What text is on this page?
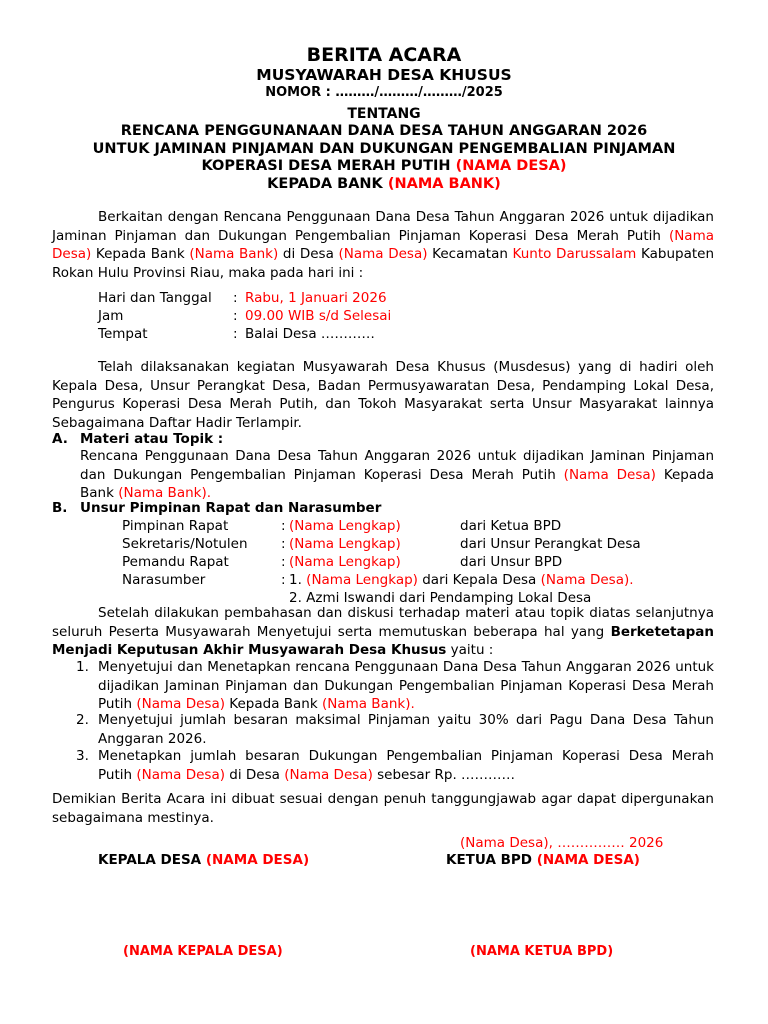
BERITA ACARA
MUSYAWARAH DESA KHUSUS
NOMOR : ………/………/………/2025
TENTANG
RENCANA PENGGUNANAAN DANA DESA TAHUN ANGGARAN 2026
UNTUK JAMINAN PINJAMAN DAN DUKUNGAN PENGEMBALIAN PINJAMAN
KOPERASI DESA MERAH PUTIH (NAMA DESA)
KEPADA BANK (NAMA BANK)
Berkaitan dengan Rencana Penggunaan Dana Desa Tahun Anggaran 2026 untuk dijadikan Jaminan Pinjaman dan Dukungan Pengembalian Pinjaman Koperasi Desa Merah Putih (Nama Desa) Kepada Bank (Nama Bank) di Desa (Nama Desa) Kecamatan Kunto Darussalam Kabupaten Rokan Hulu Provinsi Riau, maka pada hari ini :
Hari dan Tanggal : Rabu, 1 Januari 2026
Jam	: 09.00 WIB s/d Selesai
Tempat	: Balai Desa …………
Telah dilaksanakan kegiatan Musyawarah Desa Khusus (Musdesus) yang di hadiri oleh Kepala Desa, Unsur Perangkat Desa, Badan Permusyawaratan Desa, Pendamping Lokal Desa, Pengurus Koperasi Desa Merah Putih, dan Tokoh Masyarakat serta Unsur Masyarakat lainnya Sebagaimana Daftar Hadir Terlampir.
A. Materi atau Topik :
Rencana Penggunaan Dana Desa Tahun Anggaran 2026 untuk dijadikan Jaminan Pinjaman dan Dukungan Pengembalian Pinjaman Koperasi Desa Merah Putih (Nama Desa) Kepada Bank (Nama Bank).
B. Unsur Pimpinan Rapat dan Narasumber
Pimpinan Rapat	: (Nama Lengkap)	dari Ketua BPD
Sekretaris/Notulen : (Nama Lengkap)	dari Unsur Perangkat Desa
Pemandu Rapat	: (Nama Lengkap)	dari Unsur BPD
Narasumber	: 1. (Nama Lengkap) dari Kepala Desa (Nama Desa).
2. Azmi Iswandi dari Pendamping Lokal Desa
Setelah dilakukan pembahasan dan diskusi terhadap materi atau topik diatas selanjutnya seluruh Peserta Musyawarah Menyetujui serta memutuskan beberapa hal yang Berketetapan Menjadi Keputusan Akhir Musyawarah Desa Khusus yaitu :
1. Menyetujui dan Menetapkan rencana Penggunaan Dana Desa Tahun Anggaran 2026 untuk dijadikan Jaminan Pinjaman dan Dukungan Pengembalian Pinjaman Koperasi Desa Merah Putih (Nama Desa) Kepada Bank (Nama Bank).
2. Menyetujui jumlah besaran maksimal Pinjaman yaitu 30% dari Pagu Dana Desa Tahun Anggaran 2026.
3. Menetapkan jumlah besaran Dukungan Pengembalian Pinjaman Koperasi Desa Merah Putih (Nama Desa) di Desa (Nama Desa) sebesar Rp. …………
Demikian Berita Acara ini dibuat sesuai dengan penuh tanggungjawab agar dapat dipergunakan sebagaimana mestinya.
(Nama Desa), …………… 2026
KEPALA DESA (NAMA DESA)	KETUA BPD (NAMA DESA)
(NAMA KEPALA DESA)	(NAMA KETUA BPD)
